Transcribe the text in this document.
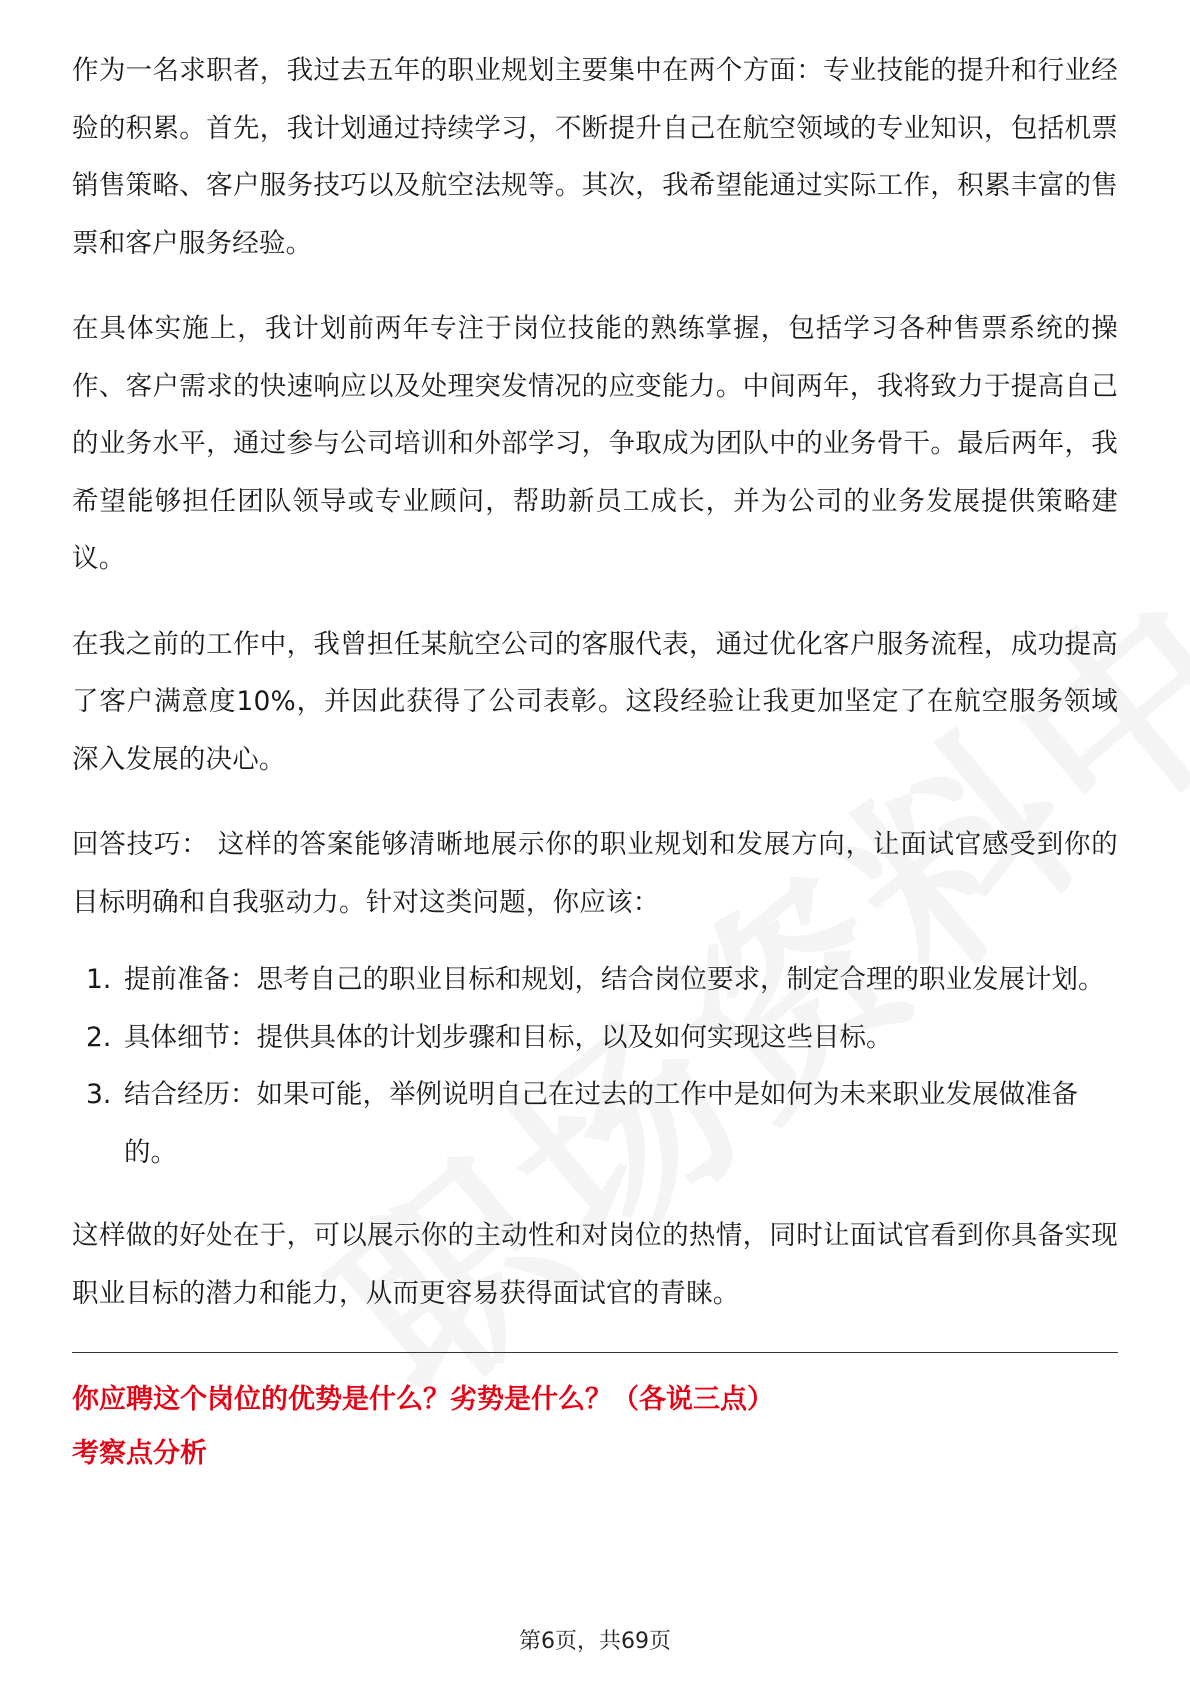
作为一名求职者，我过去五年的职业规划主要集中在两个方面：专业技能的提升和行业经验的积累。首先，我计划通过持续学习，不断提升自己在航空领域的专业知识，包括机票销售策略、客户服务技巧以及航空法规等。其次，我希望能通过实际工作，积累丰富的售票和客户服务经验。

在具体实施上，我计划前两年专注于岗位技能的熟练掌握，包括学习各种售票系统的操作、客户需求的快速响应以及处理突发情况的应变能力。中间两年，我将致力于提高自己的业务水平，通过参与公司培训和外部学习，争取成为团队中的业务骨干。最后两年，我希望能够担任团队领导或专业顾问，帮助新员工成长，并为公司的业务发展提供策略建议。

在我之前的工作中，我曾担任某航空公司的客服代表，通过优化客户服务流程，成功提高了客户满意度10%，并因此获得了公司表彰。这段经验让我更加坚定了在航空服务领域深入发展的决心。

回答技巧： 这样的答案能够清晰地展示你的职业规划和发展方向，让面试官感受到你的目标明确和自我驱动力。针对这类问题，你应该：

1. 提前准备：思考自己的职业目标和规划，结合岗位要求，制定合理的职业发展计划。
2. 具体细节：提供具体的计划步骤和目标，以及如何实现这些目标。
3. 结合经历：如果可能，举例说明自己在过去的工作中是如何为未来职业发展做准备的。

这样做的好处在于，可以展示你的主动性和对岗位的热情，同时让面试官看到你具备实现职业目标的潜力和能力，从而更容易获得面试官的青睐。

你应聘这个岗位的优势是什么？劣势是什么？（各说三点）

考察点分析

第6页，共69页
